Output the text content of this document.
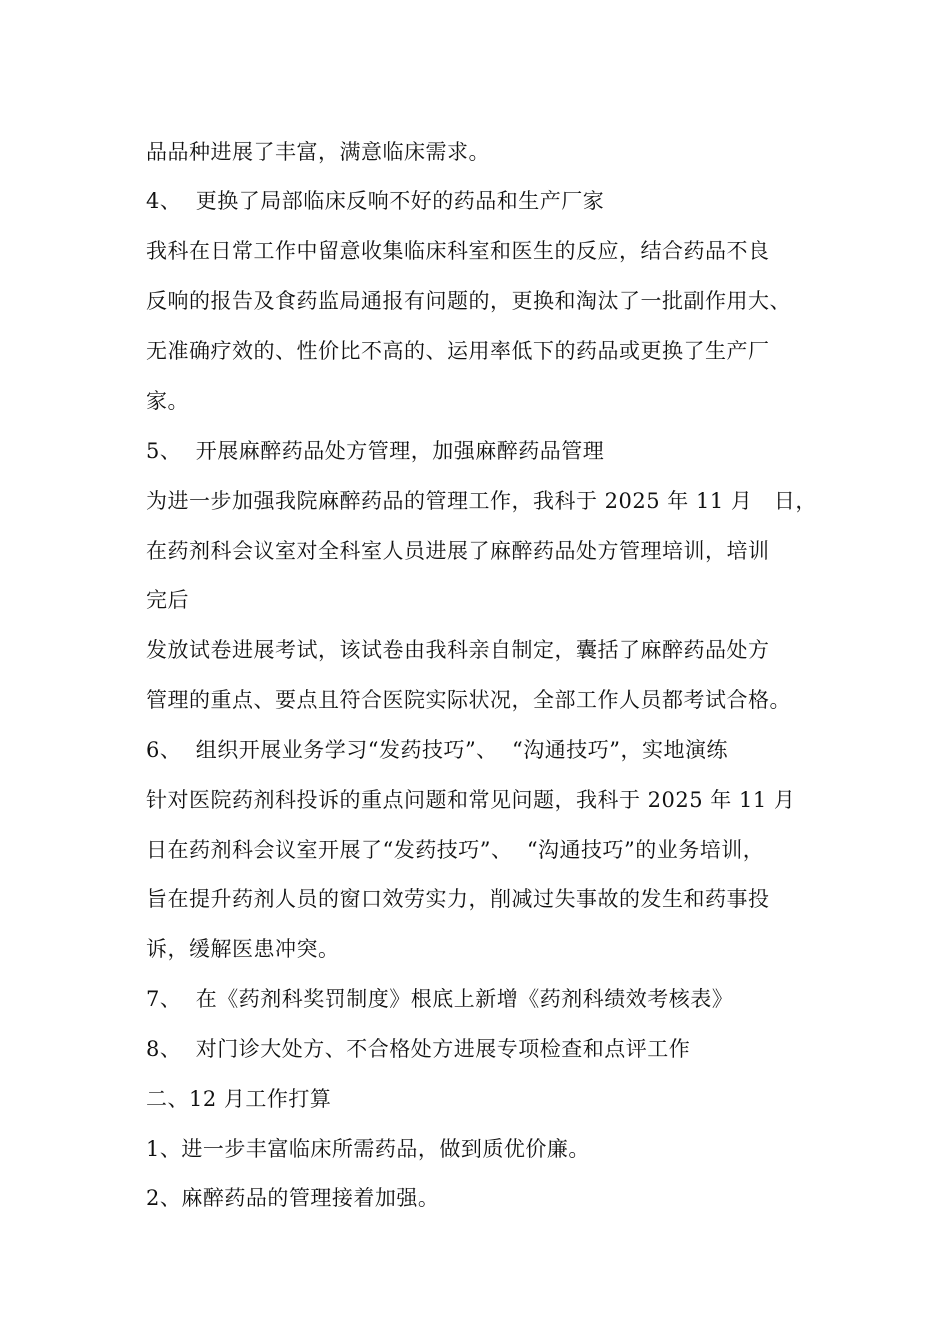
品品种进展了丰富，满意临床需求。
4、  更换了局部临床反响不好的药品和生产厂家
我科在日常工作中留意收集临床科室和医生的反应，结合药品不良
反响的报告及食药监局通报有问题的，更换和淘汰了一批副作用大、
无准确疗效的、性价比不高的、运用率低下的药品或更换了生产厂
家。
5、  开展麻醉药品处方管理，加强麻醉药品管理
为进一步加强我院麻醉药品的管理工作，我科于 2025 年 11 月   日，
在药剂科会议室对全科室人员进展了麻醉药品处方管理培训，培训
完后
发放试卷进展考试，该试卷由我科亲自制定，囊括了麻醉药品处方
管理的重点、要点且符合医院实际状况，全部工作人员都考试合格。
6、  组织开展业务学习“发药技巧”、  “沟通技巧”，实地演练
针对医院药剂科投诉的重点问题和常见问题，我科于 2025 年 11 月
日在药剂科会议室开展了“发药技巧”、  “沟通技巧”的业务培训，
旨在提升药剂人员的窗口效劳实力，削减过失事故的发生和药事投
诉，缓解医患冲突。
7、  在《药剂科奖罚制度》根底上新增《药剂科绩效考核表》
8、  对门诊大处方、不合格处方进展专项检查和点评工作
二、12 月工作打算
1、进一步丰富临床所需药品，做到质优价廉。
2、麻醉药品的管理接着加强。
